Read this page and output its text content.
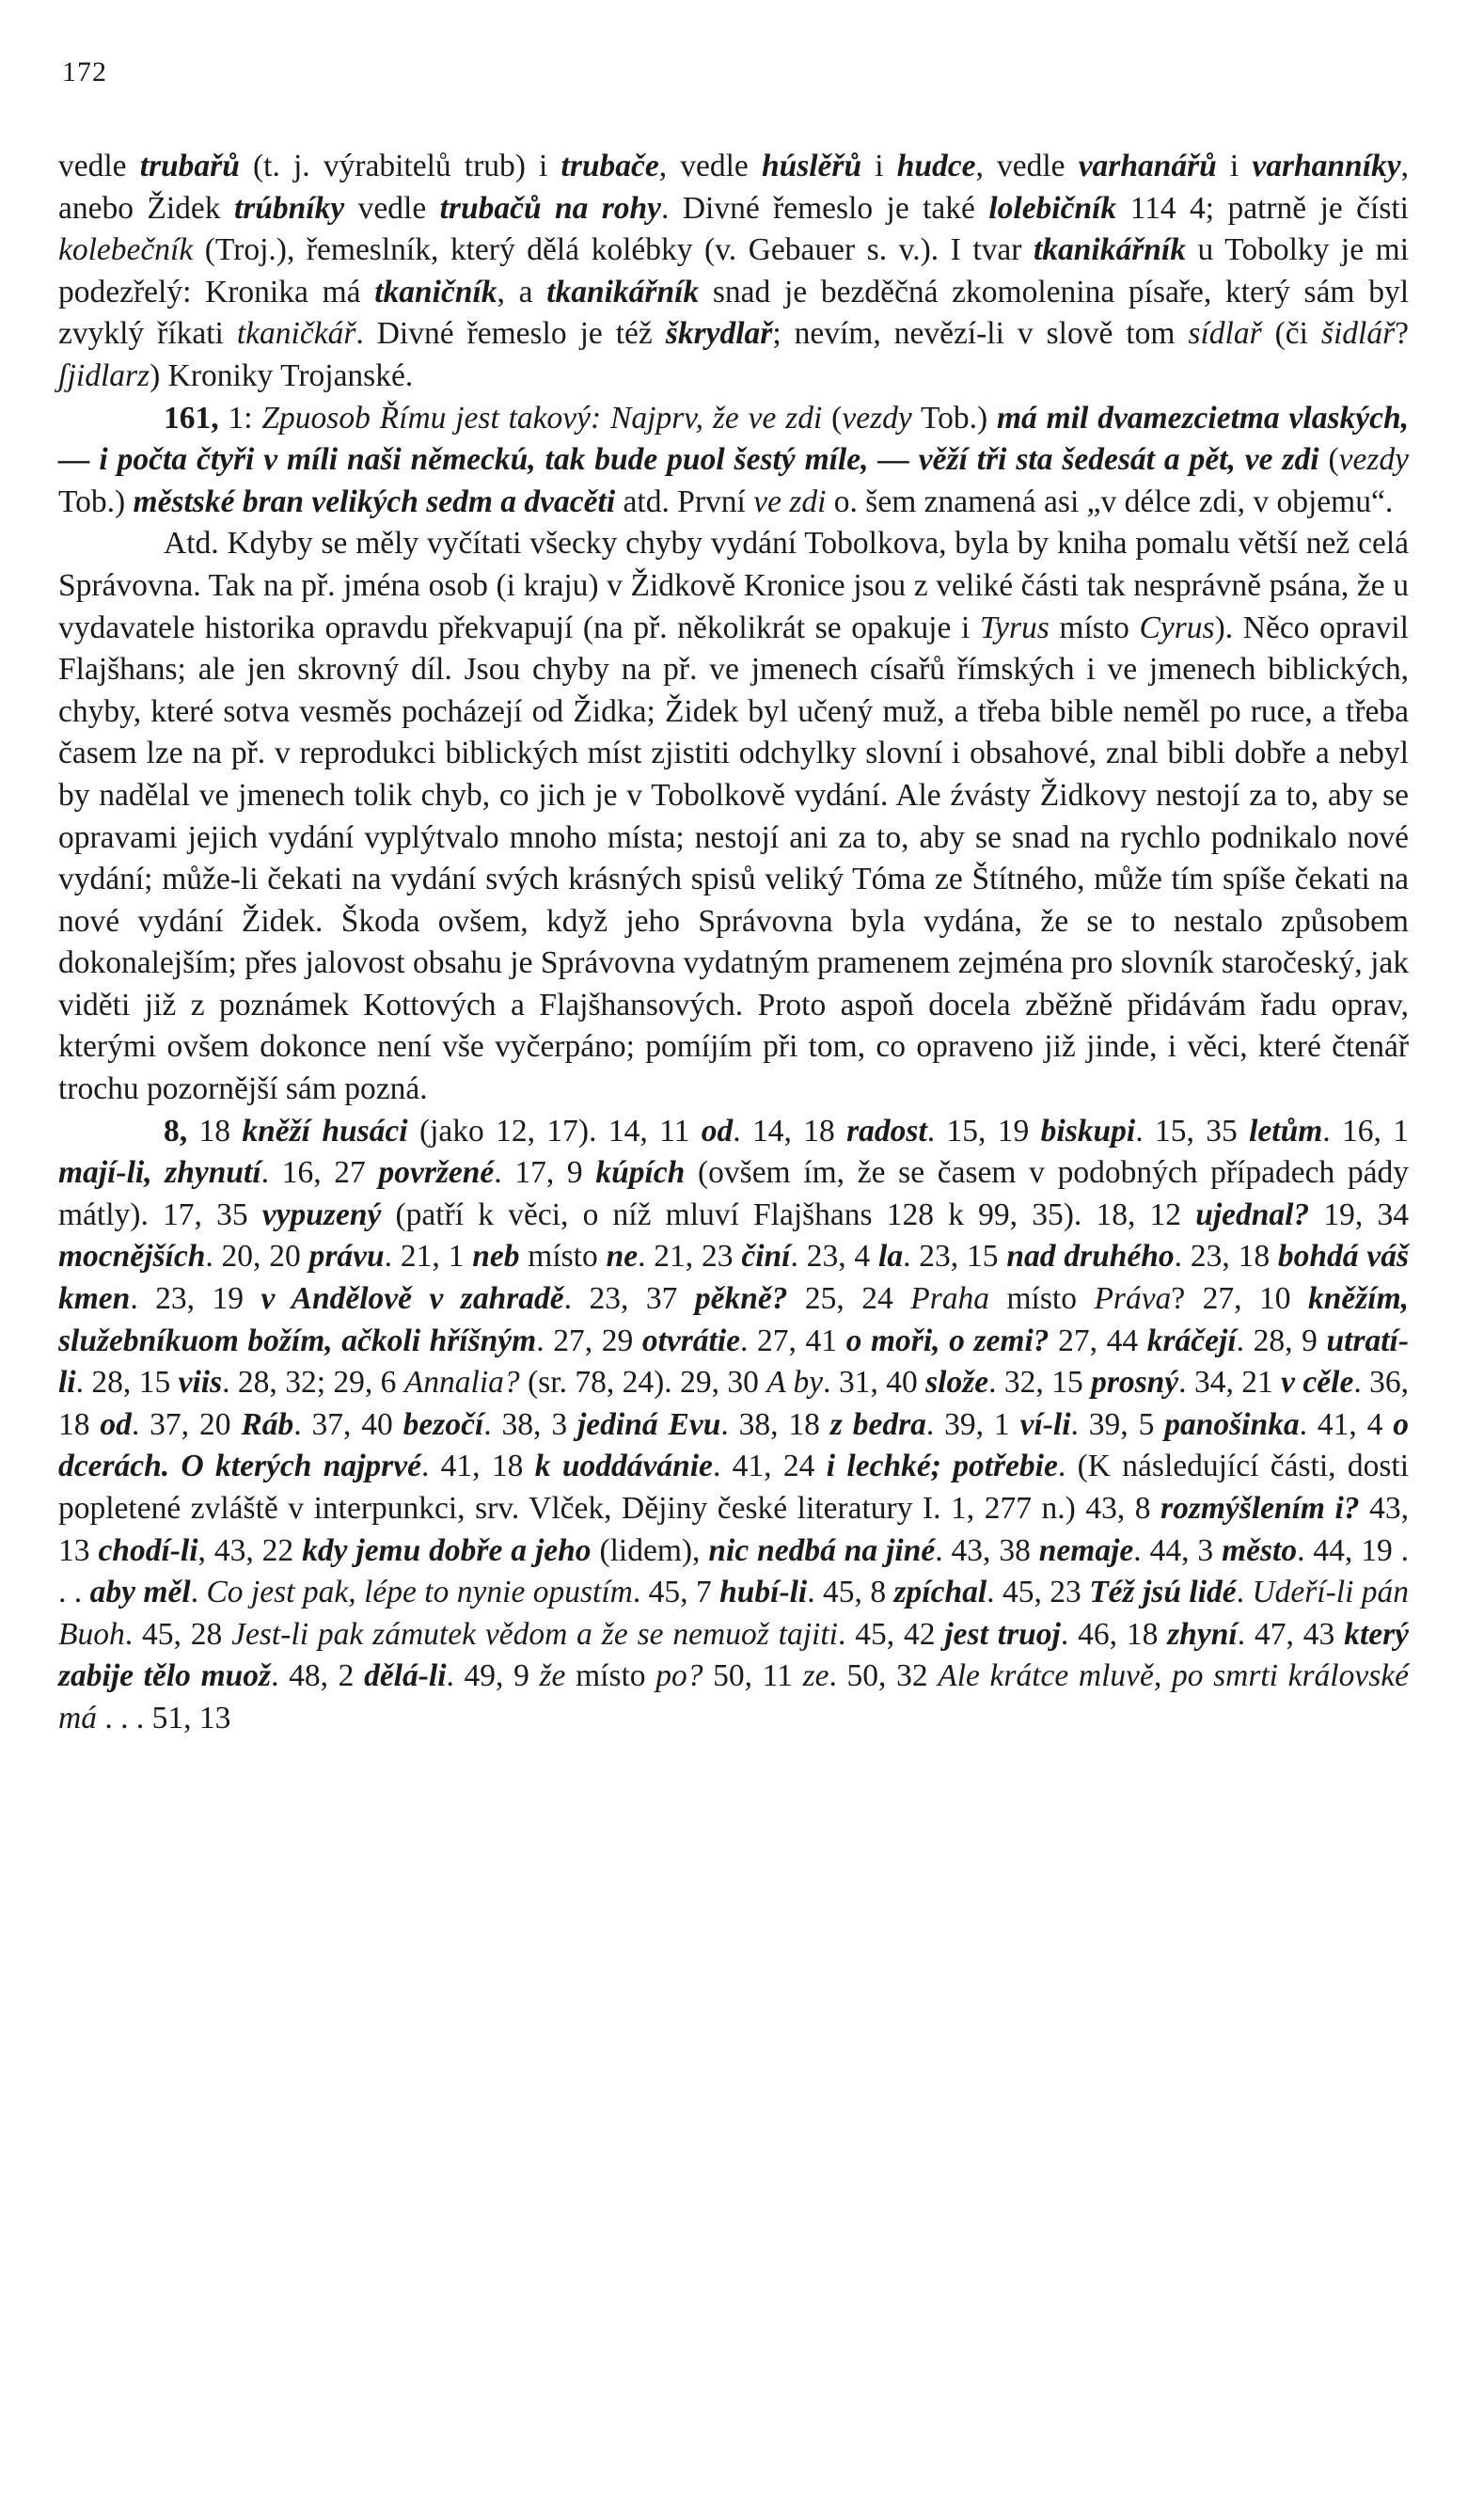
172

vedle trubařů (t. j. výrabitelů trub) i trubače, vedle húslěřů i hudce, vedle varhanářů i varhanníky, anebo Židek trúbníky vedle trubačů na rohy. Divné řemeslo je také lolebičník 114 4; patrně je čísti kolebečník (Troj.), řemeslník, který dělá kolébky (v. Gebauer s. v.). I tvar tkanikářník u Tobolky je mi podezřelý: Kronika má tkaničník, a tkanikářník snad je bezděčná zkomolenina písaře, který sám byl zvyklý říkati tkaničkář. Divné řemeslo je též škrydlař; nevím, nevězí-li v slově tom sídlař (či šidlář? ʃjidlarz) Kroniky Trojanské.

161, 1: Zpuosob Římu jest takový: Najprv, že ve zdi (vezdy Tob.) má mil dvamezcietma vlaských, — i počta čtyři v míli naši německú, tak bude puol šestý míle, — věží tři sta šedesát a pět, ve zdi (vezdy Tob.) městské bran velikých sedm a dvacěti atd. První ve zdi o. šem znamená asi „v délce zdi, v objemu“.

Atd. Kdyby se měly vyčítati všecky chyby vydání Tobolkova, byla by kniha pomalu větší než celá Správovna. Tak na př. jména osob (i kraju) v Židkově Kronice jsou z veliké části tak nesprávně psána, že u vydavatele historika opravdu překvapují (na př. několikrát se opakuje i Tyrus místo Cyrus). Něco opravil Flajšhans; ale jen skrovný díl. Jsou chyby na př. ve jmenech císařů římských i ve jmenech biblických, chyby, které sotva vesměs pocházejí od Židka; Židek byl učený muž, a třeba bible neměl po ruce, a třeba časem lze na př. v reprodukci biblických míst zjistiti odchylky slovní i obsahové, znal bibli dobře a nebyl by nadělal ve jmenech tolik chyb, co jich je v Tobolkově vydání. Ale źvásty Židkovy nestojí za to, aby se opravami jejich vydání vyplýtvalo mnoho místa; nestojí ani za to, aby se snad na rychlo podnikalo nové vydání; může-li čekati na vydání svých krásných spisů veliký Tóma ze Štítného, může tím spíše čekati na nové vydání Židek. Škoda ovšem, když jeho Správovna byla vydána, že se to nestalo způsobem dokonalejším; přes jalovost obsahu je Správovna vydatným pramenem zejména pro slovník staročeský, jak viděti již z poznámek Kottových a Flajšhansových. Proto aspoň docela zběžně přidávám řadu oprav, kterými ovšem dokonce není vše vyčerpáno; pomíjím při tom, co opraveno již jinde, i věci, které čtenář trochu pozornější sám pozná.

8, 18 kněží husáci (jako 12, 17). 14, 11 od. 14, 18 radost. 15, 19 biskupi. 15, 35 letům. 16, 1 mají-li, zhynutí. 16, 27 povržené. 17, 9 kúpích (ovšem ím, že se časem v podobných případech pády mátly). 17, 35 vypuzený (patří k věci, o níž mluví Flajšhans 128 k 99, 35). 18, 12 ujednal? 19, 34 mocnějších. 20, 20 právu. 21, 1 neb místo ne. 21, 23 činí. 23, 4 la. 23, 15 nad druhého. 23, 18 bohdá váš kmen. 23, 19 v Andělově v zahradě. 23, 37 pěkně? 25, 24 Praha místo Práva? 27, 10 kněžím, služebníkuom božím, ačkoli hříšným. 27, 29 otvrátie. 27, 41 o moři, o zemi? 27, 44 kráčejí. 28, 9 utratí-li. 28, 15 viis. 28, 32; 29, 6 Annalia? (sr. 78, 24). 29, 30 A by. 31, 40 slože. 32, 15 prosný. 34, 21 v cěle. 36, 18 od. 37, 20 Ráb. 37, 40 bezočí. 38, 3 jediná Evu. 38, 18 z bedra. 39, 1 ví-li. 39, 5 panošinka. 41, 4 o dcerách. O kterých najprvé. 41, 18 k uoddávánie. 41, 24 i lechké; potřebie. (K následující části, dosti popletené zvláště v interpunkci, srv. Vlček, Dějiny české literatury I. 1, 277 n.) 43, 8 rozmýšlením i? 43, 13 chodí-li, 43, 22 kdy jemu dobře a jeho (lidem), nic nedbá na jiné. 43, 38 nemaje. 44, 3 město. 44, 19 . . . aby měl. Co jest pak, lépe to nynie opustím. 45, 7 hubí-li. 45, 8 zpíchal. 45, 23 Též jsú lidé. Udeří-li pán Buoh. 45, 28 Jest-li pak zámutek vědom a že se nemuož tajiti. 45, 42 jest truoj. 46, 18 zhyní. 47, 43 který zabije tělo muož. 48, 2 dělá-li. 49, 9 že místo po? 50, 11 ze. 50, 32 Ale krátce mluvě, po smrti královské má . . . 51, 13
